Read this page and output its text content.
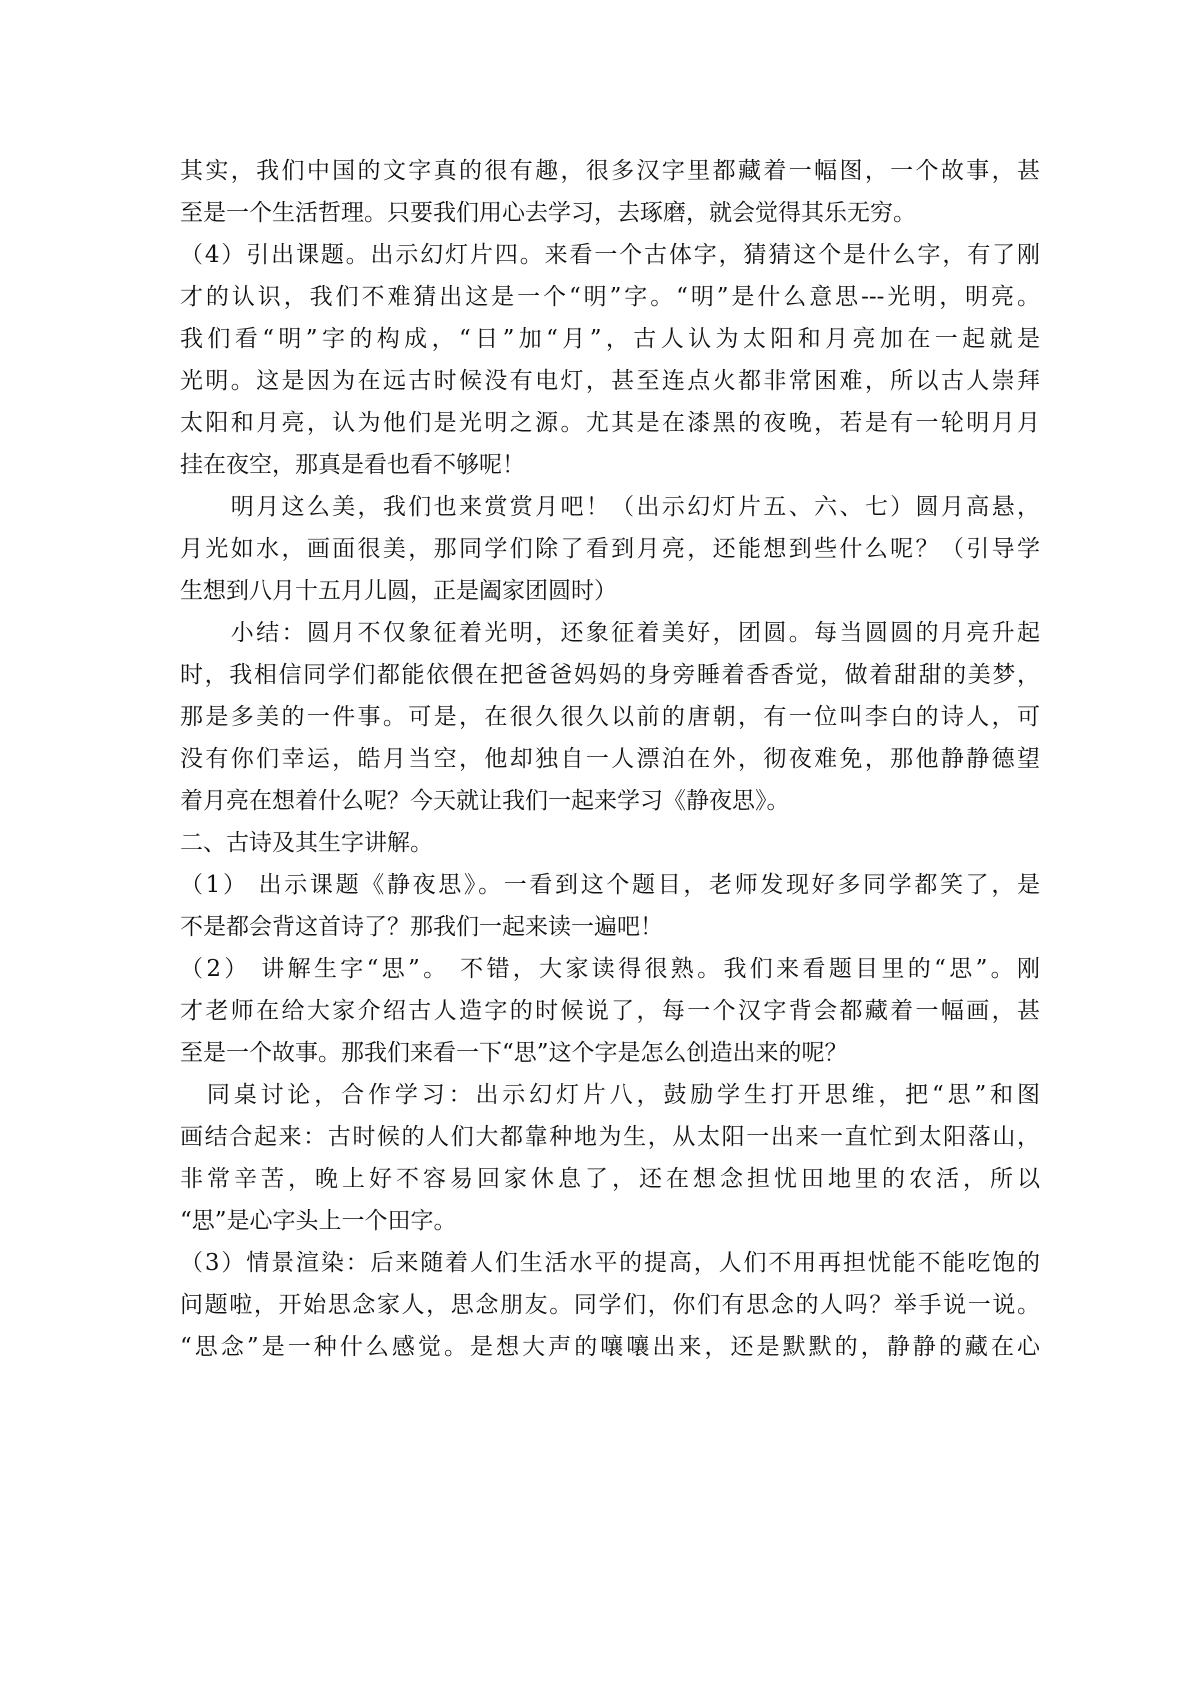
其实，我们中国的文字真的很有趣，很多汉字里都藏着一幅图，一个故事，甚
至是一个生活哲理。只要我们用心去学习，去琢磨，就会觉得其乐无穷。
（4）引出课题。出示幻灯片四。来看一个古体字，猜猜这个是什么字，有了刚
才的认识，我们不难猜出这是一个“明”字。“明”是什么意思---光明，明亮。
我们看“明”字的构成，“日”加“月”，古人认为太阳和月亮加在一起就是
光明。这是因为在远古时候没有电灯，甚至连点火都非常困难，所以古人崇拜
太阳和月亮，认为他们是光明之源。尤其是在漆黑的夜晚，若是有一轮明月月
挂在夜空，那真是看也看不够呢！
　　明月这么美，我们也来赏赏月吧！（出示幻灯片五、六、七）圆月高悬，
月光如水，画面很美，那同学们除了看到月亮，还能想到些什么呢？（引导学
生想到八月十五月儿圆，正是阖家团圆时）
　　小结：圆月不仅象征着光明，还象征着美好，团圆。每当圆圆的月亮升起
时，我相信同学们都能依偎在把爸爸妈妈的身旁睡着香香觉，做着甜甜的美梦，
那是多美的一件事。可是，在很久很久以前的唐朝，有一位叫李白的诗人，可
没有你们幸运，皓月当空，他却独自一人漂泊在外，彻夜难免，那他静静德望
着月亮在想着什么呢？今天就让我们一起来学习《静夜思》。
二、古诗及其生字讲解。
（1） 出示课题《静夜思》。一看到这个题目，老师发现好多同学都笑了，是
不是都会背这首诗了？那我们一起来读一遍吧！
（2） 讲解生字“思”。 不错，大家读得很熟。我们来看题目里的“思”。刚
才老师在给大家介绍古人造字的时候说了，每一个汉字背会都藏着一幅画，甚
至是一个故事。那我们来看一下“思”这个字是怎么创造出来的呢？
　同桌讨论，合作学习：出示幻灯片八，鼓励学生打开思维，把“思”和图
画结合起来：古时候的人们大都靠种地为生，从太阳一出来一直忙到太阳落山，
非常辛苦，晚上好不容易回家休息了，还在想念担忧田地里的农活，所以
“思”是心字头上一个田字。
（3）情景渲染：后来随着人们生活水平的提高，人们不用再担忧能不能吃饱的
问题啦，开始思念家人，思念朋友。同学们，你们有思念的人吗？举手说一说。
“思念”是一种什么感觉。是想大声的嚷嚷出来，还是默默的，静静的藏在心
